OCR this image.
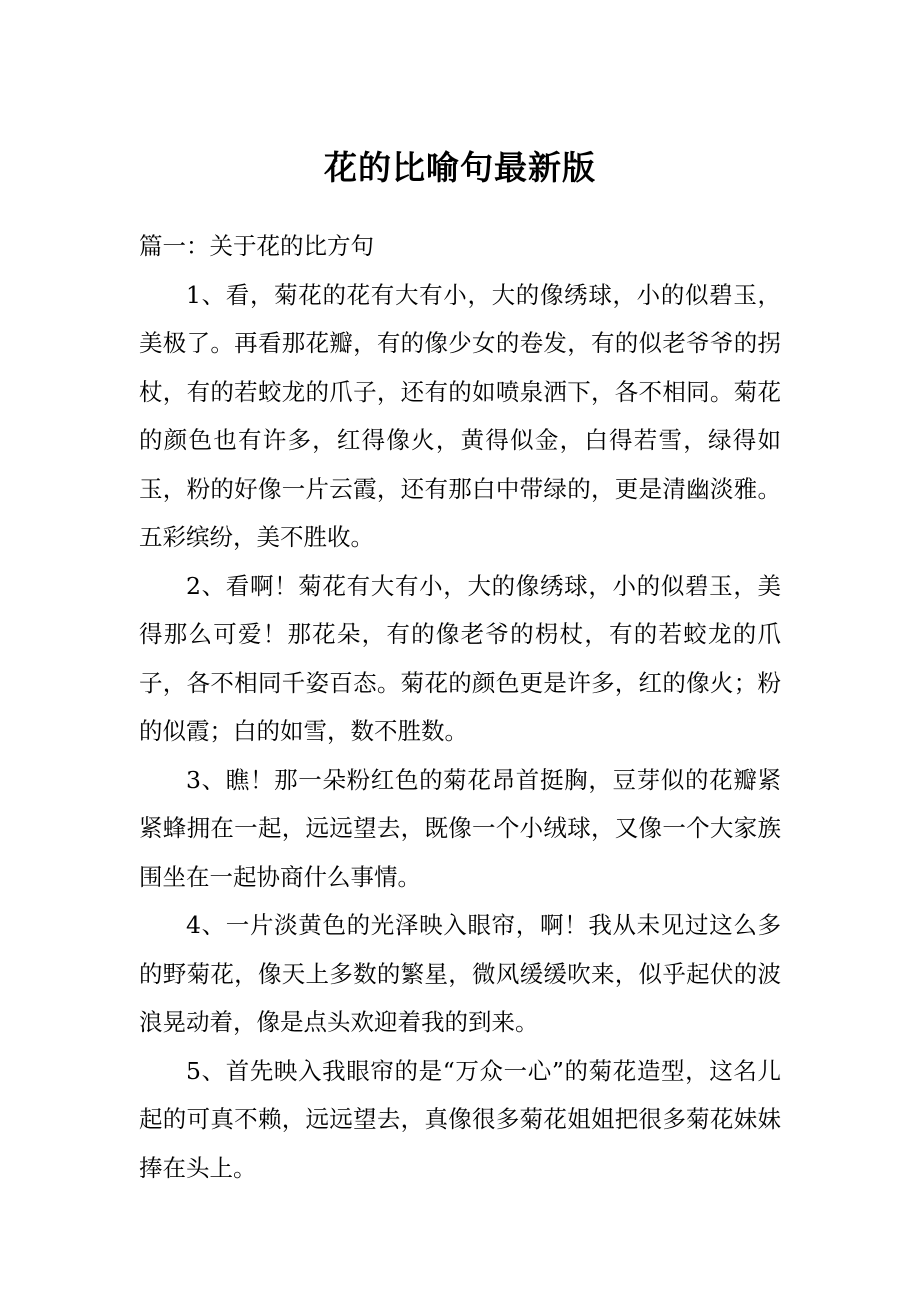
花的比喻句最新版

篇一：关于花的比方句

1、看，菊花的花有大有小，大的像绣球，小的似碧玉，美极了。再看那花瓣，有的像少女的卷发，有的似老爷爷的拐杖，有的若蛟龙的爪子，还有的如喷泉洒下，各不相同。菊花的颜色也有许多，红得像火，黄得似金，白得若雪，绿得如玉，粉的好像一片云霞，还有那白中带绿的，更是清幽淡雅。五彩缤纷，美不胜收。

2、看啊！菊花有大有小，大的像绣球，小的似碧玉，美得那么可爱！那花朵，有的像老爷的枴杖，有的若蛟龙的爪子，各不相同千姿百态。菊花的颜色更是许多，红的像火；粉的似霞；白的如雪，数不胜数。

3、瞧！那一朵粉红色的菊花昂首挺胸，豆芽似的花瓣紧紧蜂拥在一起，远远望去，既像一个小绒球，又像一个大家族围坐在一起协商什么事情。

4、一片淡黄色的光泽映入眼帘，啊！我从未见过这么多的野菊花，像天上多数的繁星，微风缓缓吹来，似乎起伏的波浪晃动着，像是点头欢迎着我的到来。

5、首先映入我眼帘的是“万众一心”的菊花造型，这名儿起的可真不赖，远远望去，真像很多菊花姐姐把很多菊花妹妹捧在头上。
